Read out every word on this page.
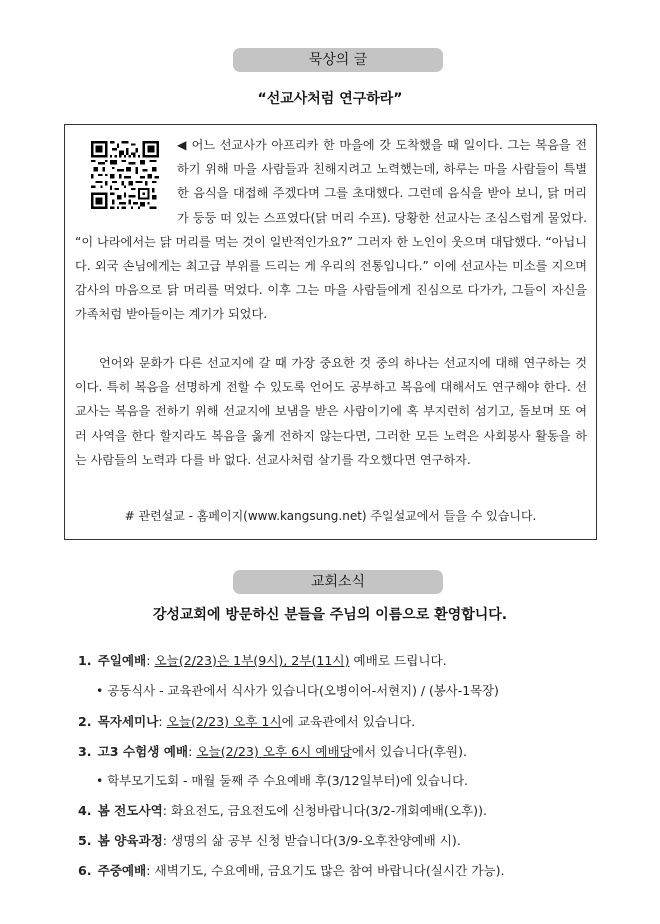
묵상의 글
“선교사처럼 연구하라”

◀ 어느 선교사가 아프리카 한 마을에 갓 도착했을 때 일이다. 그는 복음을 전하기 위해 마을 사람들과 친해지려고 노력했는데, 하루는 마을 사람들이 특별한 음식을 대접해 주겠다며 그를 초대했다. 그런데 음식을 받아 보니, 닭 머리가 둥둥 떠 있는 스프였다(닭 머리 수프). 당황한 선교사는 조심스럽게 물었다. “이 나라에서는 닭 머리를 먹는 것이 일반적인가요?” 그러자 한 노인이 웃으며 대답했다. “아닙니다. 외국 손님에게는 최고급 부위를 드리는 게 우리의 전통입니다.” 이에 선교사는 미소를 지으며 감사의 마음으로 닭 머리를 먹었다. 이후 그는 마을 사람들에게 진심으로 다가가, 그들이 자신을 가족처럼 받아들이는 계기가 되었다.

언어와 문화가 다른 선교지에 갈 때 가장 중요한 것 중의 하나는 선교지에 대해 연구하는 것이다. 특히 복음을 선명하게 전할 수 있도록 언어도 공부하고 복음에 대해서도 연구해야 한다. 선교사는 복음을 전하기 위해 선교지에 보냄을 받은 사람이기에 혹 부지런히 섬기고, 돌보며 또 여러 사역을 한다 할지라도 복음을 옳게 전하지 않는다면, 그러한 모든 노력은 사회봉사 활동을 하는 사람들의 노력과 다를 바 없다. 선교사처럼 살기를 각오했다면 연구하자.

# 관련설교 - 홈페이지(www.kangsung.net) 주일설교에서 들을 수 있습니다.
교회소식
강성교회에 방문하신 분들을 주님의 이름으로 환영합니다.
1. 주일예배: 오늘(2/23)은 1부(9시), 2부(11시) 예배로 드립니다.
• 공동식사 - 교육관에서 식사가 있습니다(오병이어-서현지) / (봉사-1목장)
2. 목자세미나: 오늘(2/23) 오후 1시에 교육관에서 있습니다.
3. 고3 수험생 예배: 오늘(2/23) 오후 6시 예배당에서 있습니다(후원).
• 학부모기도회 - 매월 둘째 주 수요예배 후(3/12일부터)에 있습니다.
4. 봄 전도사역: 화요전도, 금요전도에 신청바랍니다(3/2-개회예배(오후)).
5. 봄 양육과정: 생명의 삶 공부 신청 받습니다(3/9-오후찬양예배 시).
6. 주중예배: 새벽기도, 수요예배, 금요기도 많은 참여 바랍니다(실시간 가능).
